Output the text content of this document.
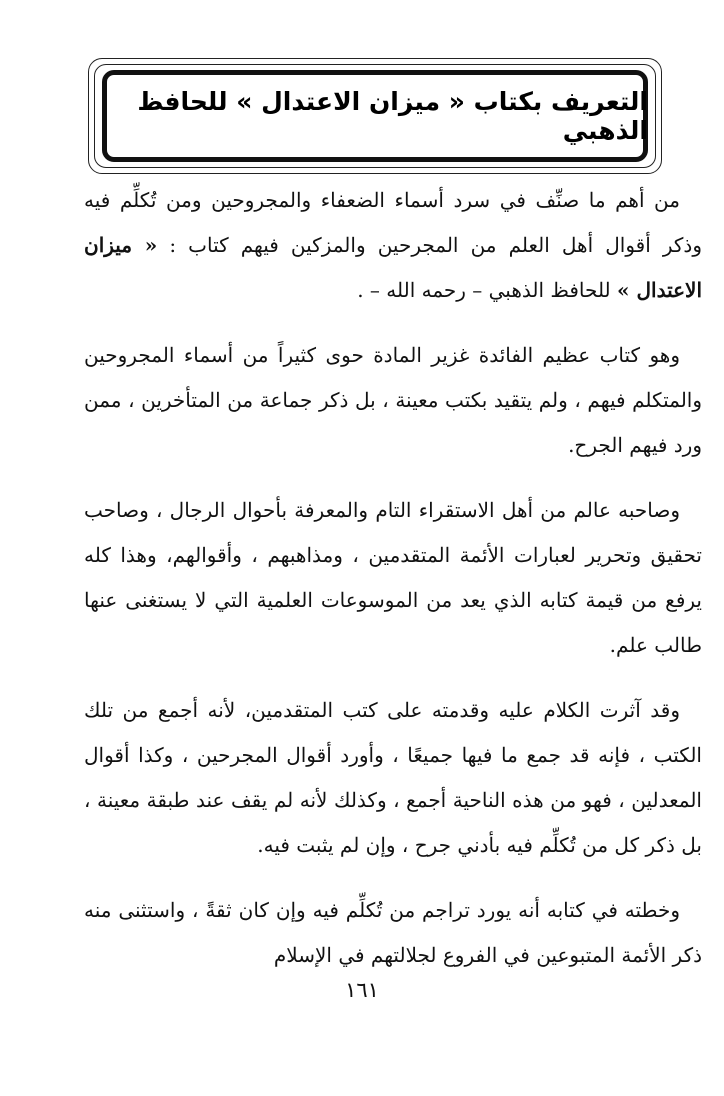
التعريف بكتاب « ميزان الاعتدال » للحافظ الذهبي

من أهم ما صنِّف في سرد أسماء الضعفاء والمجروحين ومن تُكلِّم فيه وذكر أقوال أهل العلم من المجرحين والمزكين فيهم كتاب : « ميزان الاعتدال » للحافظ الذهبي – رحمه الله – .

وهو كتاب عظيم الفائدة غزير المادة حوى كثيراً من أسماء المجروحين والمتكلم فيهم ، ولم يتقيد بكتب معينة ، بل ذكر جماعة من المتأخرين ، ممن ورد فيهم الجرح.

وصاحبه عالم من أهل الاستقراء التام والمعرفة بأحوال الرجال ، وصاحب تحقيق وتحرير لعبارات الأئمة المتقدمين ، ومذاهبهم ، وأقوالهم، وهذا كله يرفع من قيمة كتابه الذي يعد من الموسوعات العلمية التي لا يستغنى عنها طالب علم.

وقد آثرت الكلام عليه وقدمته على كتب المتقدمين، لأنه أجمع من تلك الكتب ، فإنه قد جمع ما فيها جميعًا ، وأورد أقوال المجرحين ، وكذا أقوال المعدلين ، فهو من هذه الناحية أجمع ، وكذلك لأنه لم يقف عند طبقة معينة ، بل ذكر كل من تُكلِّم فيه بأدني جرح ، وإن لم يثبت فيه.

وخطته في كتابه أنه يورد تراجم من تُكلِّم فيه وإن كان ثقةً ، واستثنى منه ذكر الأئمة المتبوعين في الفروع لجلالتهم في الإسلام

١٦١
